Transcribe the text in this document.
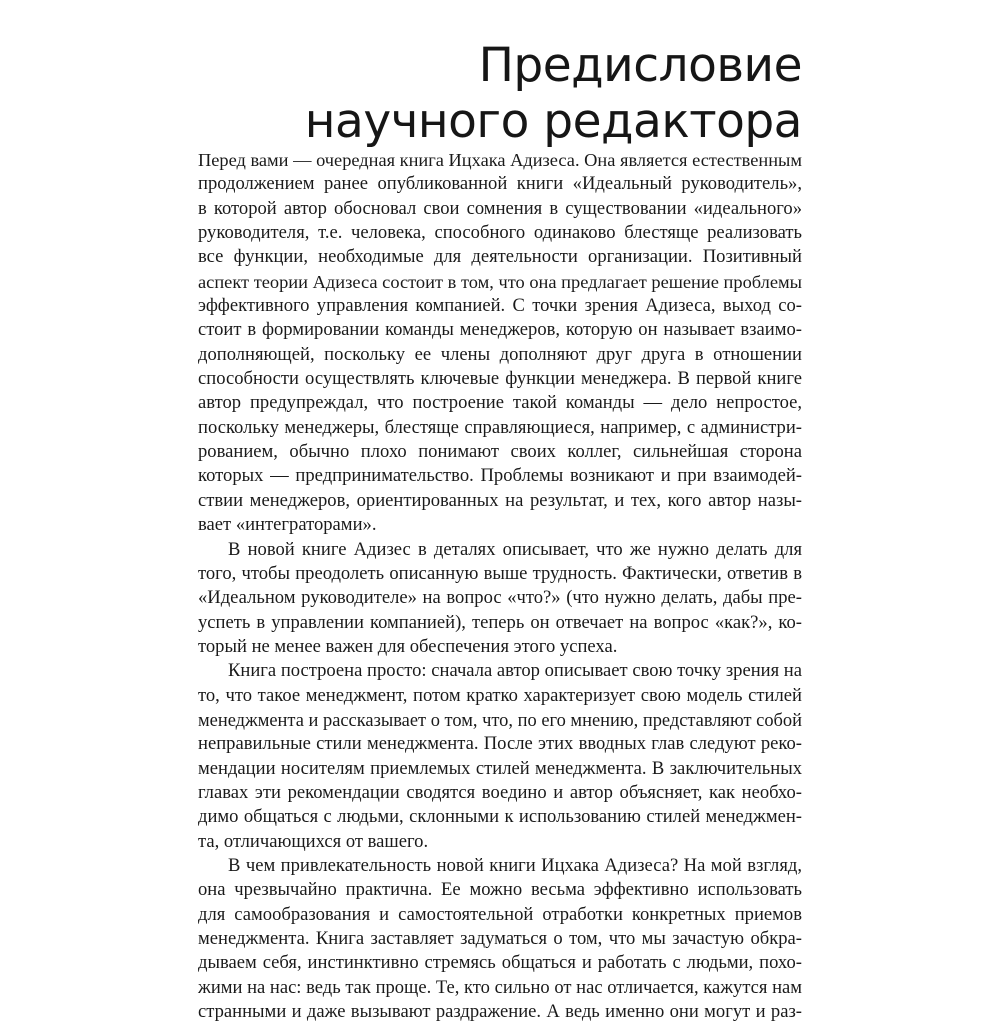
Предисловие
научного редактора
Перед вами — очередная книга Ицхака Адизеса. Она является естественным
продолжением ранее опубликованной книги «Идеальный руководитель»,
в которой автор обосновал свои сомнения в существовании «идеального»
руководителя, т.е. человека, способного одинаково блестяще реализовать
все функции, необходимые для деятельности организации. Позитивный
аспект теории Адизеса состоит в том, что она предлагает решение проблемы
эффективного управления компанией. С точки зрения Адизеса, выход со-
стоит в формировании команды менеджеров, которую он называет взаимо-
дополняющей, поскольку ее члены дополняют друг друга в отношении
способности осуществлять ключевые функции менеджера. В первой книге
автор предупреждал, что построение такой команды — дело непростое,
поскольку менеджеры, блестяще справляющиеся, например, с администри-
рованием, обычно плохо понимают своих коллег, сильнейшая сторона
которых — предпринимательство. Проблемы возникают и при взаимодей-
ствии менеджеров, ориентированных на результат, и тех, кого автор назы-
вает «интеграторами».
В новой книге Адизес в деталях описывает, что же нужно делать для
того, чтобы преодолеть описанную выше трудность. Фактически, ответив в
«Идеальном руководителе» на вопрос «что?» (что нужно делать, дабы пре-
успеть в управлении компанией), теперь он отвечает на вопрос «как?», ко-
торый не менее важен для обеспечения этого успеха.
Книга построена просто: сначала автор описывает свою точку зрения на
то, что такое менеджмент, потом кратко характеризует свою модель стилей
менеджмента и рассказывает о том, что, по его мнению, представляют собой
неправильные стили менеджмента. После этих вводных глав следуют реко-
мендации носителям приемлемых стилей менеджмента. В заключительных
главах эти рекомендации сводятся воедино и автор объясняет, как необхо-
димо общаться с людьми, склонными к использованию стилей менеджмен-
та, отличающихся от вашего.
В чем привлекательность новой книги Ицхака Адизеса? На мой взгляд,
она чрезвычайно практична. Ее можно весьма эффективно использовать
для самообразования и самостоятельной отработки конкретных приемов
менеджмента. Книга заставляет задуматься о том, что мы зачастую обкра-
дываем себя, инстинктивно стремясь общаться и работать с людьми, похо-
жими на нас: ведь так проще. Те, кто сильно от нас отличается, кажутся нам
странными и даже вызывают раздражение. А ведь именно они могут и раз-
